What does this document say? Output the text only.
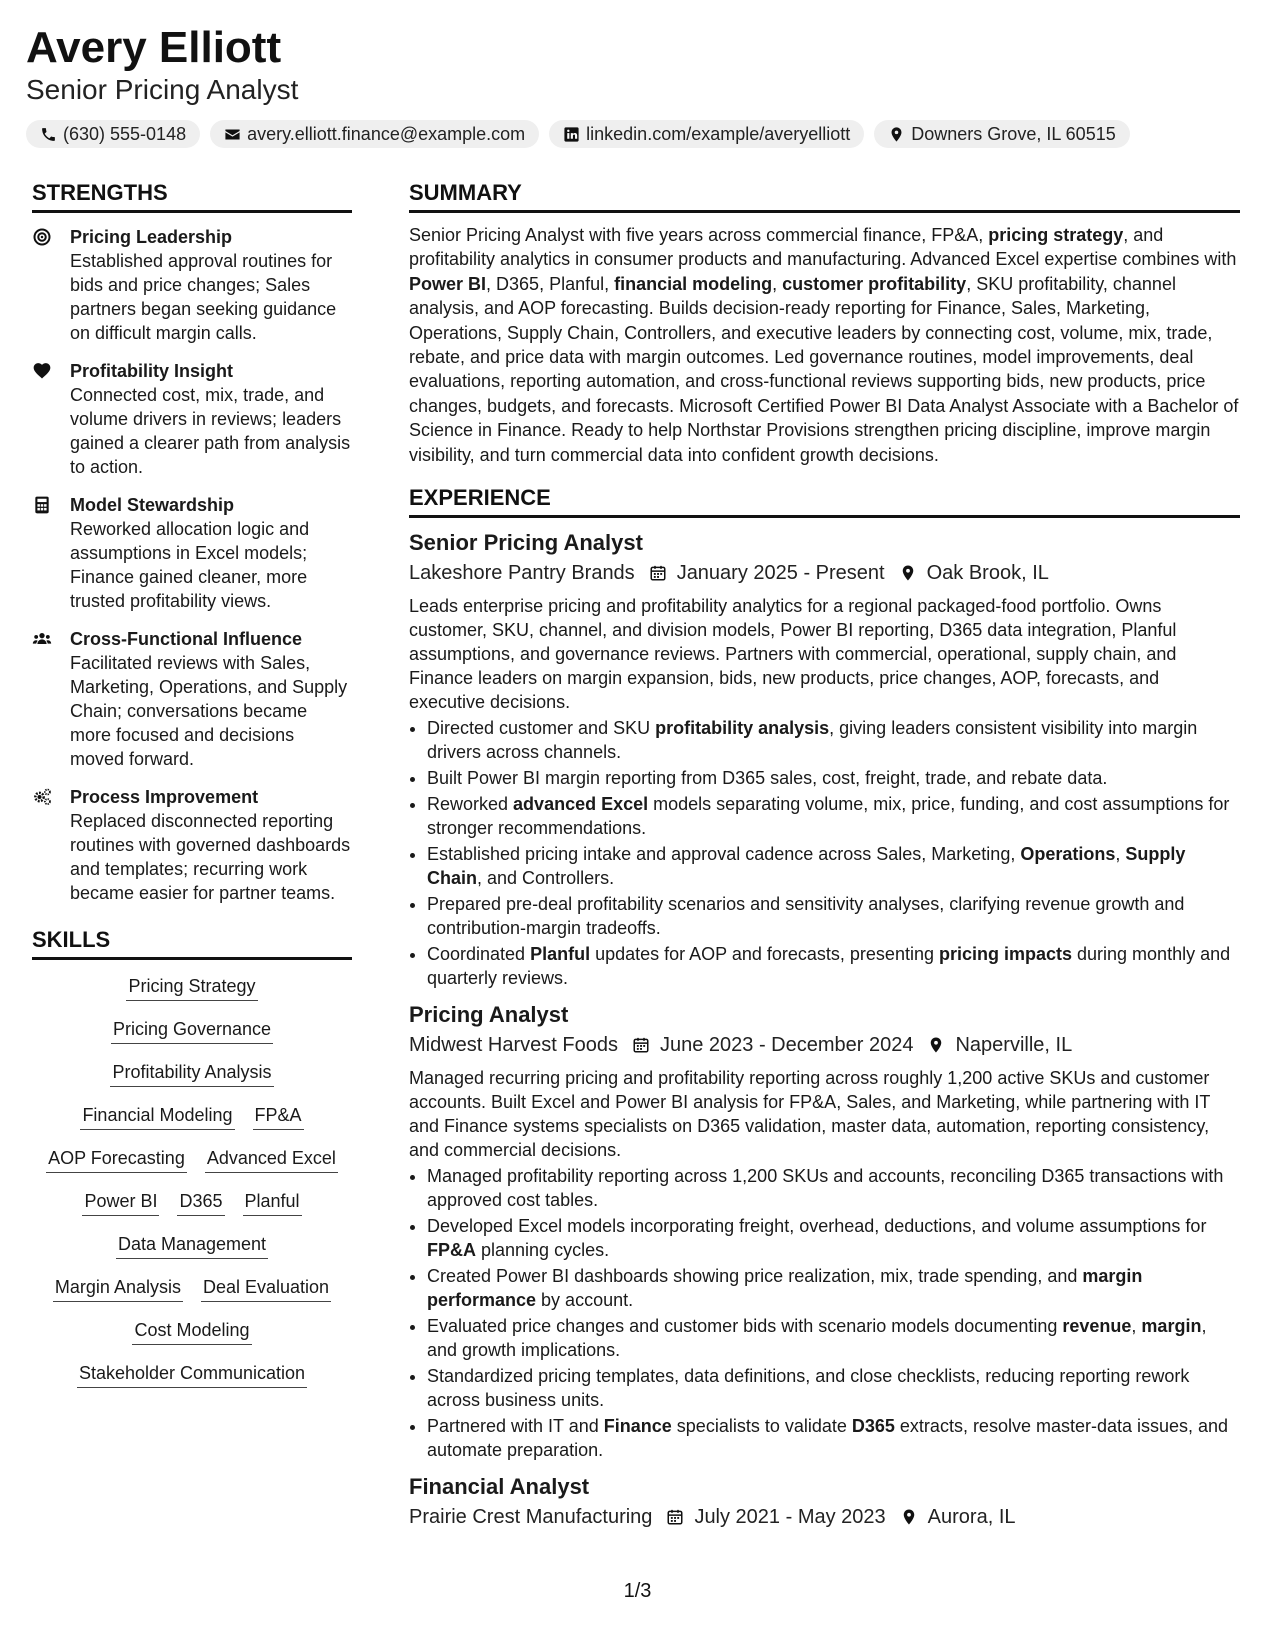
Avery Elliott

Senior Pricing Analyst

(630) 555-0148	avery.elliott.finance@example.com	linkedin.com/example/averyelliott	Downers Grove, IL 60515
STRENGTHS
Pricing Leadership
Established approval routines for bids and price changes; Sales partners began seeking guidance on difficult margin calls.
Profitability Insight
Connected cost, mix, trade, and volume drivers in reviews; leaders gained a clearer path from analysis to action.
Model Stewardship
Reworked allocation logic and assumptions in Excel models; Finance gained cleaner, more trusted profitability views.
Cross-Functional Influence
Facilitated reviews with Sales, Marketing, Operations, and Supply Chain; conversations became more focused and decisions moved forward.
Process Improvement
Replaced disconnected reporting routines with governed dashboards and templates; recurring work became easier for partner teams.
SKILLS
Pricing Strategy
Pricing Governance
Profitability Analysis
Financial Modeling FP&A
AOP Forecasting Advanced Excel
Power BI D365 Planful
Data Management
Margin Analysis Deal Evaluation
Cost Modeling
Stakeholder Communication
SUMMARY

Senior Pricing Analyst with five years across commercial finance, FP&A, pricing strategy, and profitability analytics in consumer products and manufacturing. Advanced Excel expertise combines with Power BI, D365, Planful, financial modeling, customer profitability, SKU profitability, channel analysis, and AOP forecasting. Builds decision-ready reporting for Finance, Sales, Marketing, Operations, Supply Chain, Controllers, and executive leaders by connecting cost, volume, mix, trade, rebate, and price data with margin outcomes. Led governance routines, model improvements, deal evaluations, reporting automation, and cross-functional reviews supporting bids, new products, price changes, budgets, and forecasts. Microsoft Certified Power BI Data Analyst Associate with a Bachelor of Science in Finance. Ready to help Northstar Provisions strengthen pricing discipline, improve margin visibility, and turn commercial data into confident growth decisions.

EXPERIENCE
Senior Pricing Analyst
Lakeshore Pantry Brands January 2025 - Present Oak Brook, IL

Leads enterprise pricing and profitability analytics for a regional packaged-food portfolio. Owns customer, SKU, channel, and division models, Power BI reporting, D365 data integration, Planful assumptions, and governance reviews. Partners with commercial, operational, supply chain, and Finance leaders on margin expansion, bids, new products, price changes, AOP, forecasts, and executive decisions.

• Directed customer and SKU profitability analysis, giving leaders consistent visibility into margin drivers across channels.
• Built Power BI margin reporting from D365 sales, cost, freight, trade, and rebate data.
• Reworked advanced Excel models separating volume, mix, price, funding, and cost assumptions for stronger recommendations.
• Established pricing intake and approval cadence across Sales, Marketing, Operations, Supply Chain, and Controllers.
• Prepared pre-deal profitability scenarios and sensitivity analyses, clarifying revenue growth and contribution-margin tradeoffs.
• Coordinated Planful updates for AOP and forecasts, presenting pricing impacts during monthly and quarterly reviews.
Pricing Analyst
Midwest Harvest Foods June 2023 - December 2024 Naperville, IL

Managed recurring pricing and profitability reporting across roughly 1,200 active SKUs and customer accounts. Built Excel and Power BI analysis for FP&A, Sales, and Marketing, while partnering with IT and Finance systems specialists on D365 validation, master data, automation, reporting consistency, and commercial decisions.

• Managed profitability reporting across 1,200 SKUs and accounts, reconciling D365 transactions with approved cost tables.
• Developed Excel models incorporating freight, overhead, deductions, and volume assumptions for FP&A planning cycles.
• Created Power BI dashboards showing price realization, mix, trade spending, and margin performance by account.
• Evaluated price changes and customer bids with scenario models documenting revenue, margin, and growth implications.
• Standardized pricing templates, data definitions, and close checklists, reducing reporting rework across business units.
• Partnered with IT and Finance specialists to validate D365 extracts, resolve master-data issues, and automate preparation.
Financial Analyst
Prairie Crest Manufacturing July 2021 - May 2023 Aurora, IL
1/3
